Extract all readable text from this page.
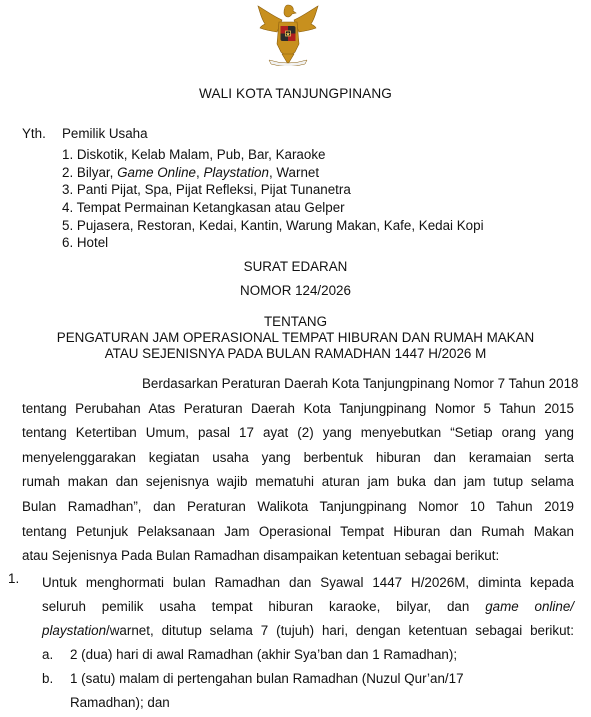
WALI KOTA TANJUNGPINANG
Yth. Pemilik Usaha
1. Diskotik, Kelab Malam, Pub, Bar, Karaoke
2. Bilyar, Game Online, Playstation, Warnet
3. Panti Pijat, Spa, Pijat Refleksi, Pijat Tunanetra
4. Tempat Permainan Ketangkasan atau Gelper
5. Pujasera, Restoran, Kedai, Kantin, Warung Makan, Kafe, Kedai Kopi
6. Hotel
SURAT EDARAN
NOMOR 124/2026
TENTANG
PENGATURAN JAM OPERASIONAL TEMPAT HIBURAN DAN RUMAH MAKAN
ATAU SEJENISNYA PADA BULAN RAMADHAN 1447 H/2026 M
Berdasarkan Peraturan Daerah Kota Tanjungpinang Nomor 7 Tahun 2018
tentang Perubahan Atas Peraturan Daerah Kota Tanjungpinang Nomor 5 Tahun 2015
tentang Ketertiban Umum, pasal 17 ayat (2) yang menyebutkan “Setiap orang yang
menyelenggarakan kegiatan usaha yang berbentuk hiburan dan keramaian serta
rumah makan dan sejenisnya wajib mematuhi aturan jam buka dan jam tutup selama
Bulan Ramadhan”, dan Peraturan Walikota Tanjungpinang Nomor 10 Tahun 2019
tentang Petunjuk Pelaksanaan Jam Operasional Tempat Hiburan dan Rumah Makan
atau Sejenisnya Pada Bulan Ramadhan disampaikan ketentuan sebagai berikut:
1. Untuk menghormati bulan Ramadhan dan Syawal 1447 H/2026M, diminta kepada
seluruh pemilik usaha tempat hiburan karaoke, bilyar, dan game online/
playstation/warnet, ditutup selama 7 (tujuh) hari, dengan ketentuan sebagai berikut:
a. 2 (dua) hari di awal Ramadhan (akhir Sya’ban dan 1 Ramadhan);
b. 1 (satu) malam di pertengahan bulan Ramadhan (Nuzul Qur’an/17
Ramadhan); dan
